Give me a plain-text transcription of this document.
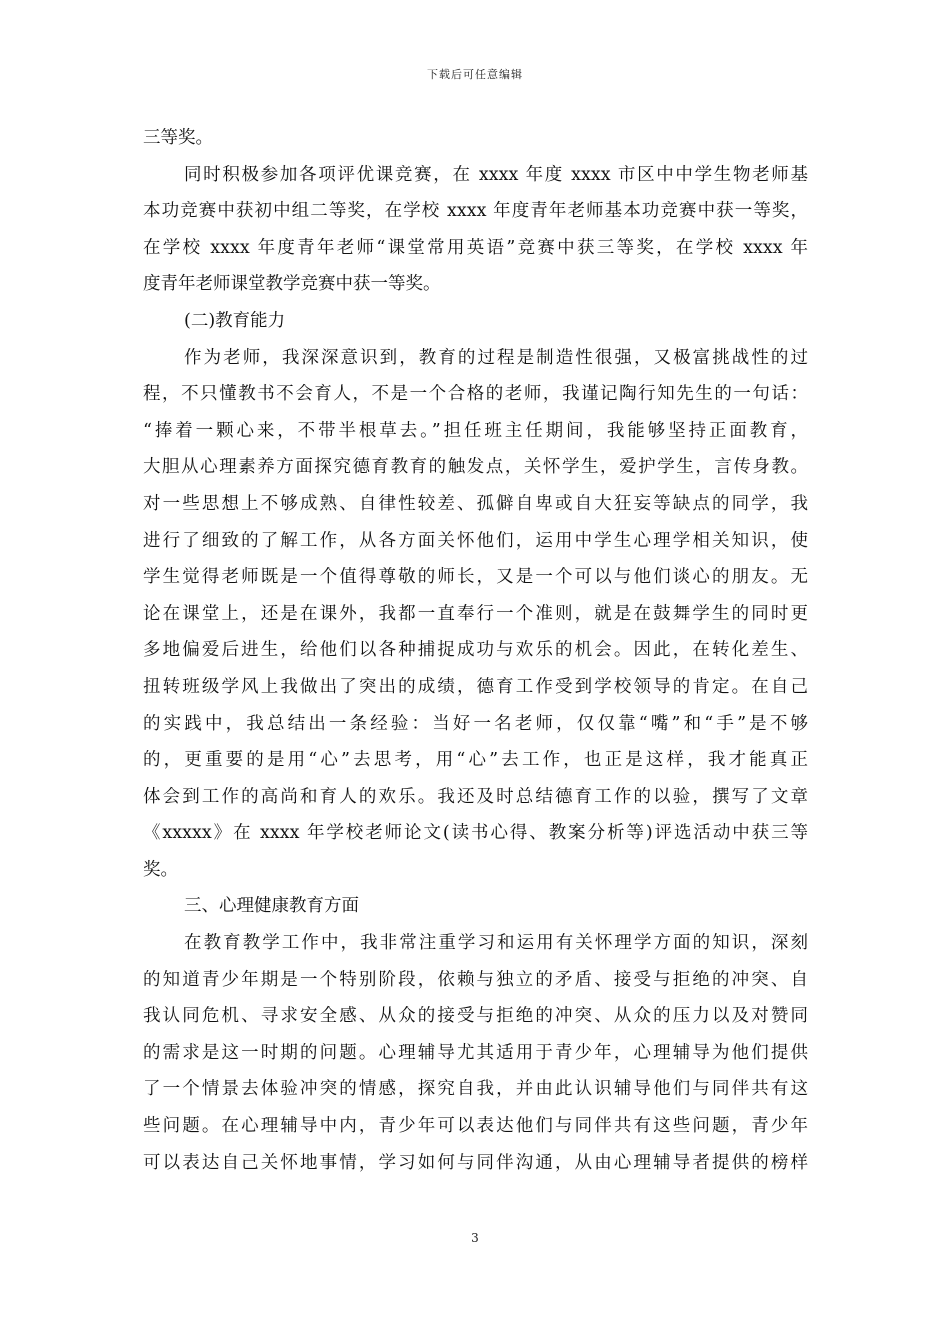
下载后可任意编辑
三等奖。
同时积极参加各项评优课竞赛，在 xxxx 年度 xxxx 市区中中学生物老师基
本功竞赛中获初中组二等奖，在学校 xxxx 年度青年老师基本功竞赛中获一等奖，
在学校 xxxx 年度青年老师“课堂常用英语”竞赛中获三等奖，在学校 xxxx 年
度青年老师课堂教学竞赛中获一等奖。
(二)教育能力
作为老师，我深深意识到，教育的过程是制造性很强，又极富挑战性的过
程，不只懂教书不会育人，不是一个合格的老师，我谨记陶行知先生的一句话：
“捧着一颗心来，不带半根草去。”担任班主任期间，我能够坚持正面教育，
大胆从心理素养方面探究德育教育的触发点，关怀学生，爱护学生，言传身教。
对一些思想上不够成熟、自律性较差、孤僻自卑或自大狂妄等缺点的同学，我
进行了细致的了解工作，从各方面关怀他们，运用中学生心理学相关知识，使
学生觉得老师既是一个值得尊敬的师长，又是一个可以与他们谈心的朋友。无
论在课堂上，还是在课外，我都一直奉行一个准则，就是在鼓舞学生的同时更
多地偏爱后进生，给他们以各种捕捉成功与欢乐的机会。因此，在转化差生、
扭转班级学风上我做出了突出的成绩，德育工作受到学校领导的肯定。在自己
的实践中，我总结出一条经验：当好一名老师，仅仅靠“嘴”和“手”是不够
的，更重要的是用“心”去思考，用“心”去工作，也正是这样，我才能真正
体会到工作的高尚和育人的欢乐。我还及时总结德育工作的以验，撰写了文章
《xxxxx》在 xxxx 年学校老师论文(读书心得、教案分析等)评选活动中获三等
奖。
三、心理健康教育方面
在教育教学工作中，我非常注重学习和运用有关怀理学方面的知识，深刻
的知道青少年期是一个特别阶段，依赖与独立的矛盾、接受与拒绝的冲突、自
我认同危机、寻求安全感、从众的接受与拒绝的冲突、从众的压力以及对赞同
的需求是这一时期的问题。心理辅导尤其适用于青少年，心理辅导为他们提供
了一个情景去体验冲突的情感，探究自我，并由此认识辅导他们与同伴共有这
些问题。在心理辅导中内，青少年可以表达他们与同伴共有这些问题，青少年
可以表达自己关怀地事情，学习如何与同伴沟通，从由心理辅导者提供的榜样
3
